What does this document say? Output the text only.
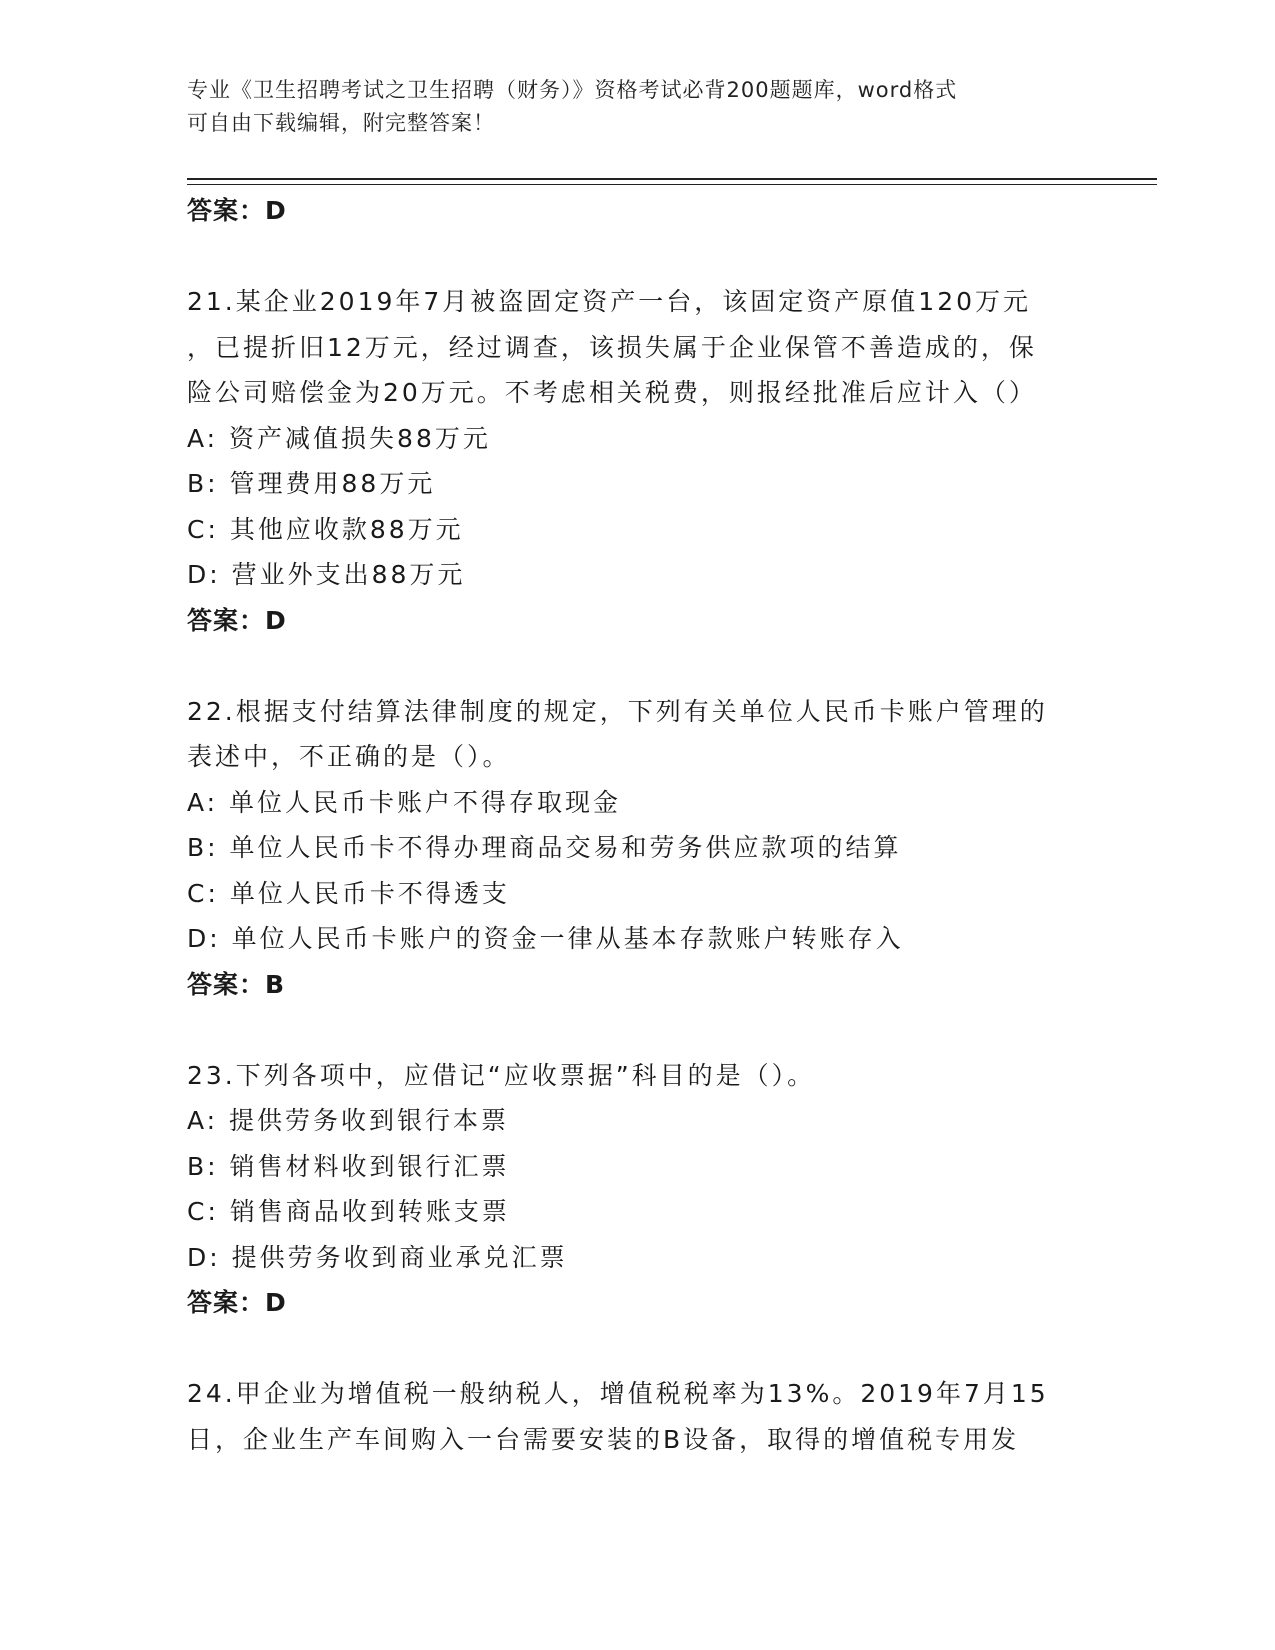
专业《卫生招聘考试之卫生招聘（财务）》资格考试必背200题题库，word格式
可自由下载编辑，附完整答案！
答案：D
21.某企业2019年7月被盗固定资产一台，该固定资产原值120万元
，已提折旧12万元，经过调查，该损失属于企业保管不善造成的，保
险公司赔偿金为20万元。不考虑相关税费，则报经批准后应计入（）
A: 资产减值损失88万元
B: 管理费用88万元
C: 其他应收款88万元
D: 营业外支出88万元
答案：D
22.根据支付结算法律制度的规定，下列有关单位人民币卡账户管理的
表述中，不正确的是（）。
A: 单位人民币卡账户不得存取现金
B: 单位人民币卡不得办理商品交易和劳务供应款项的结算
C: 单位人民币卡不得透支
D: 单位人民币卡账户的资金一律从基本存款账户转账存入
答案：B
23.下列各项中，应借记“应收票据”科目的是（）。
A: 提供劳务收到银行本票
B: 销售材料收到银行汇票
C: 销售商品收到转账支票
D: 提供劳务收到商业承兑汇票
答案：D
24.甲企业为增值税一般纳税人，增值税税率为13%。2019年7月15
日，企业生产车间购入一台需要安装的B设备，取得的增值税专用发
